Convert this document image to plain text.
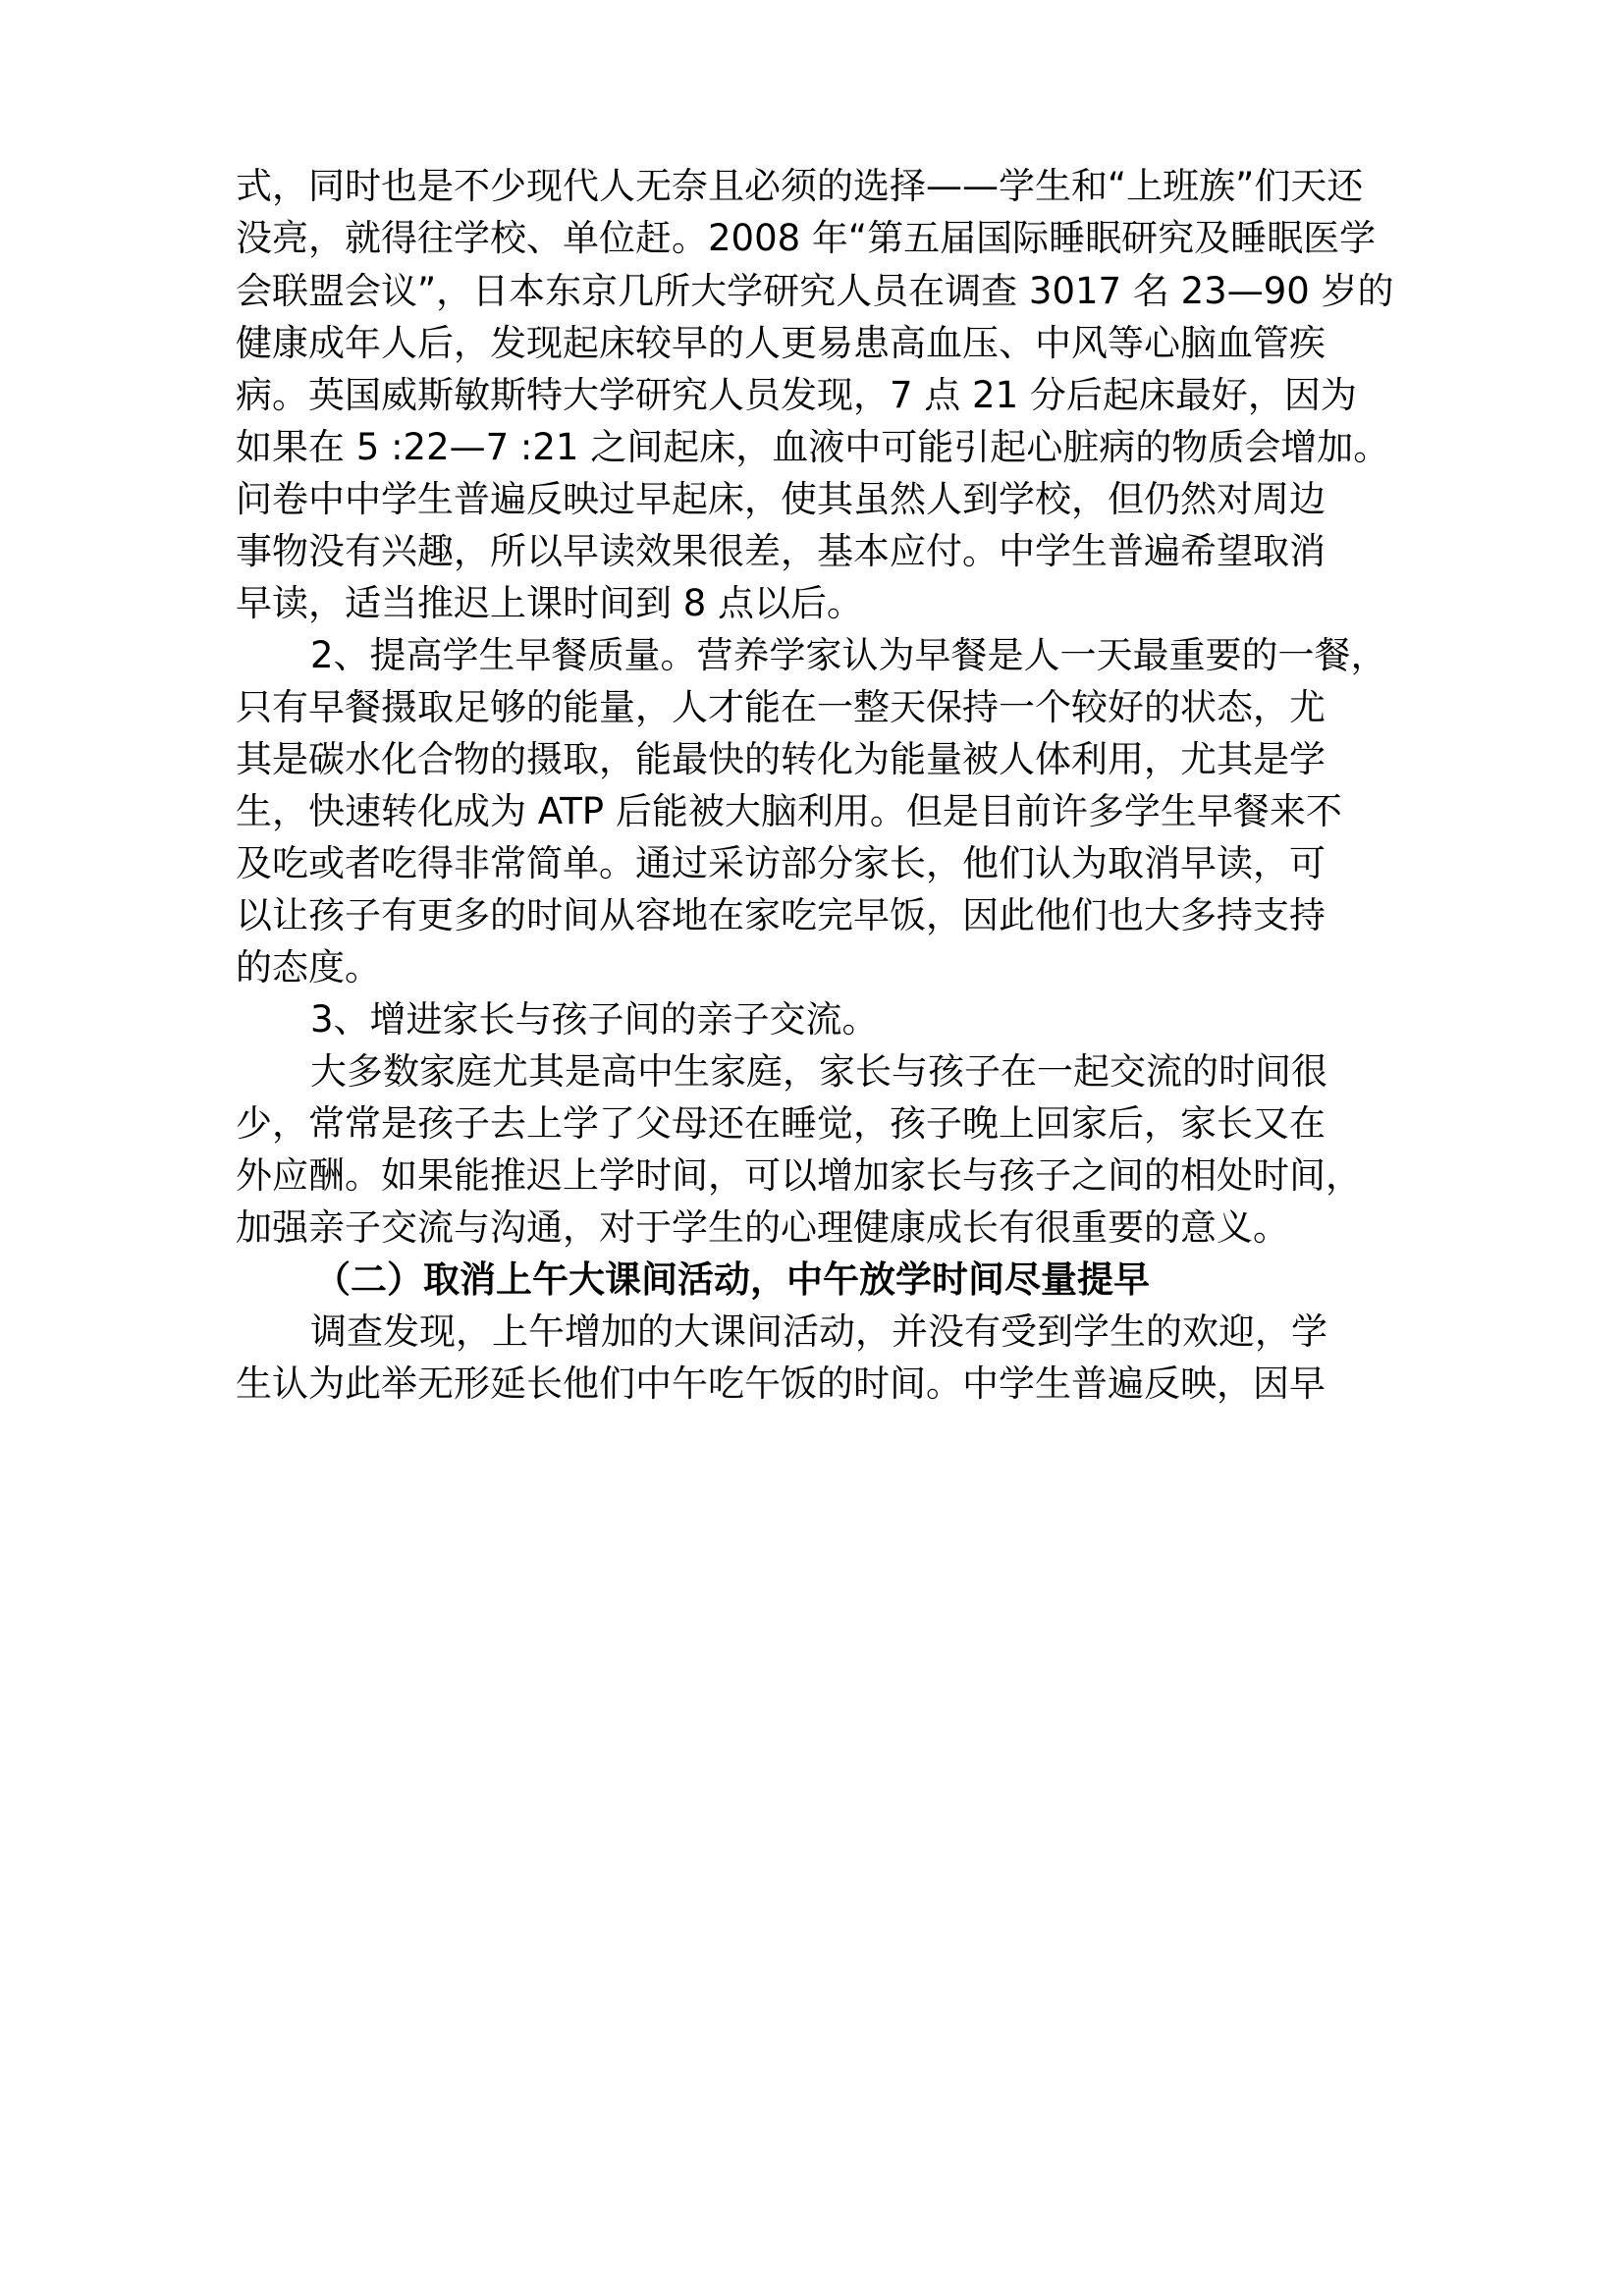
式，同时也是不少现代人无奈且必须的选择——学生和“上班族”们天还
没亮，就得往学校、单位赶。2008 年“第五届国际睡眠研究及睡眠医学
会联盟会议”，日本东京几所大学研究人员在调查 3017 名 23—90 岁的
健康成年人后，发现起床较早的人更易患高血压、中风等心脑血管疾
病。英国威斯敏斯特大学研究人员发现，7 点 21 分后起床最好，因为
如果在 5 :22—7 :21 之间起床，血液中可能引起心脏病的物质会增加。
问卷中中学生普遍反映过早起床，使其虽然人到学校，但仍然对周边
事物没有兴趣，所以早读效果很差，基本应付。中学生普遍希望取消
早读，适当推迟上课时间到 8 点以后。
2、提高学生早餐质量。营养学家认为早餐是人一天最重要的一餐，
只有早餐摄取足够的能量，人才能在一整天保持一个较好的状态，尤
其是碳水化合物的摄取，能最快的转化为能量被人体利用，尤其是学
生，快速转化成为 ATP 后能被大脑利用。但是目前许多学生早餐来不
及吃或者吃得非常简单。通过采访部分家长，他们认为取消早读，可
以让孩子有更多的时间从容地在家吃完早饭，因此他们也大多持支持
的态度。
3、增进家长与孩子间的亲子交流。
大多数家庭尤其是高中生家庭，家长与孩子在一起交流的时间很
少，常常是孩子去上学了父母还在睡觉，孩子晚上回家后，家长又在
外应酬。如果能推迟上学时间，可以增加家长与孩子之间的相处时间，
加强亲子交流与沟通，对于学生的心理健康成长有很重要的意义。
（二）取消上午大课间活动，中午放学时间尽量提早
调查发现，上午增加的大课间活动，并没有受到学生的欢迎，学
生认为此举无形延长他们中午吃午饭的时间。中学生普遍反映，因早
